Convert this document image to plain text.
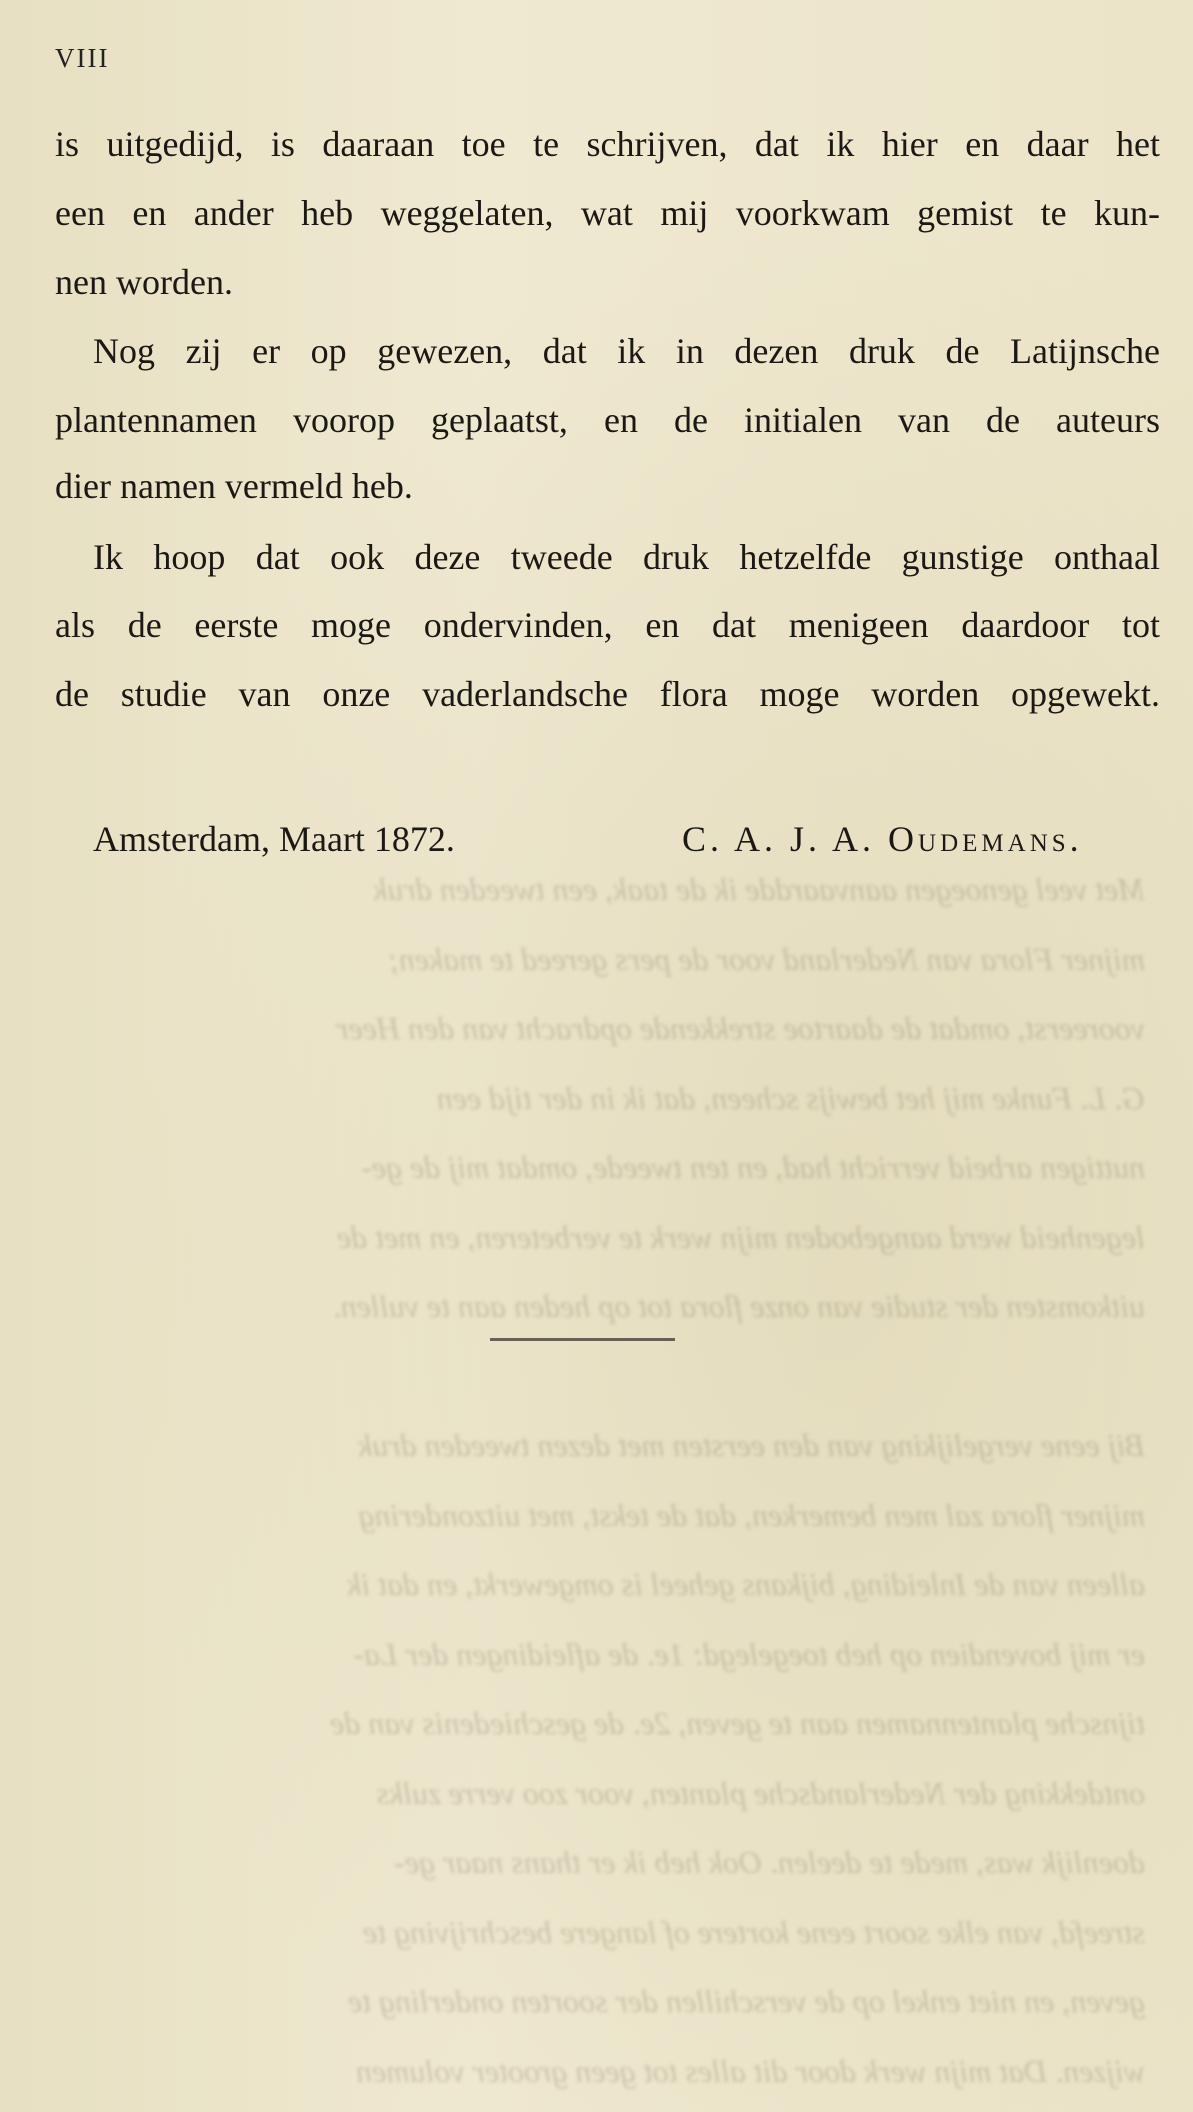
Met veel genoegen aanvaardde ik de taak, een tweeden druk
mijner Flora van Nederland voor de pers gereed te maken;
vooreerst, omdat de daartoe strekkende opdracht van den Heer
G. L. Funke mij het bewijs scheen, dat ik in der tijd een
nuttigen arbeid verricht had, en ten tweede, omdat mij de ge-
legenheid werd aangeboden mijn werk te verbeteren, en met de
uitkomsten der studie van onze flora tot op heden aan te vullen.

Bij eene vergelijking van den eersten met dezen tweeden druk
mijner flora zal men bemerken, dat de tekst, met uitzondering
alleen van de Inleiding, bijkans geheel is omgewerkt, en dat ik
er mij bovendien op heb toegelegd: 1e. de afleidingen der La-
tijnsche plantennamen aan te geven, 2e. de geschiedenis van de
ontdekking der Nederlandsche planten, voor zoo verre zulks
doenlijk was, mede te deelen. Ook heb ik er thans naar ge-
streefd, van elke soort eene kortere of langere beschrijving te
geven, en niet enkel op de verschillen der soorten onderling te
wijzen. Dat mijn werk door dit alles tot geen grooter volumen
VIII
is uitgedijd, is daaraan toe te schrijven, dat ik hier en daar het
een en ander heb weggelaten, wat mij voorkwam gemist te kun-
nen worden.
Nog zij er op gewezen, dat ik in dezen druk de Latijnsche
plantennamen voorop geplaatst, en de initialen van de auteurs
dier namen vermeld heb.
Ik hoop dat ook deze tweede druk hetzelfde gunstige onthaal
als de eerste moge ondervinden, en dat menigeen daardoor tot
de studie van onze vaderlandsche flora moge worden opgewekt.
Amsterdam, Maart 1872.	C. A. J. A. Oudemans.
